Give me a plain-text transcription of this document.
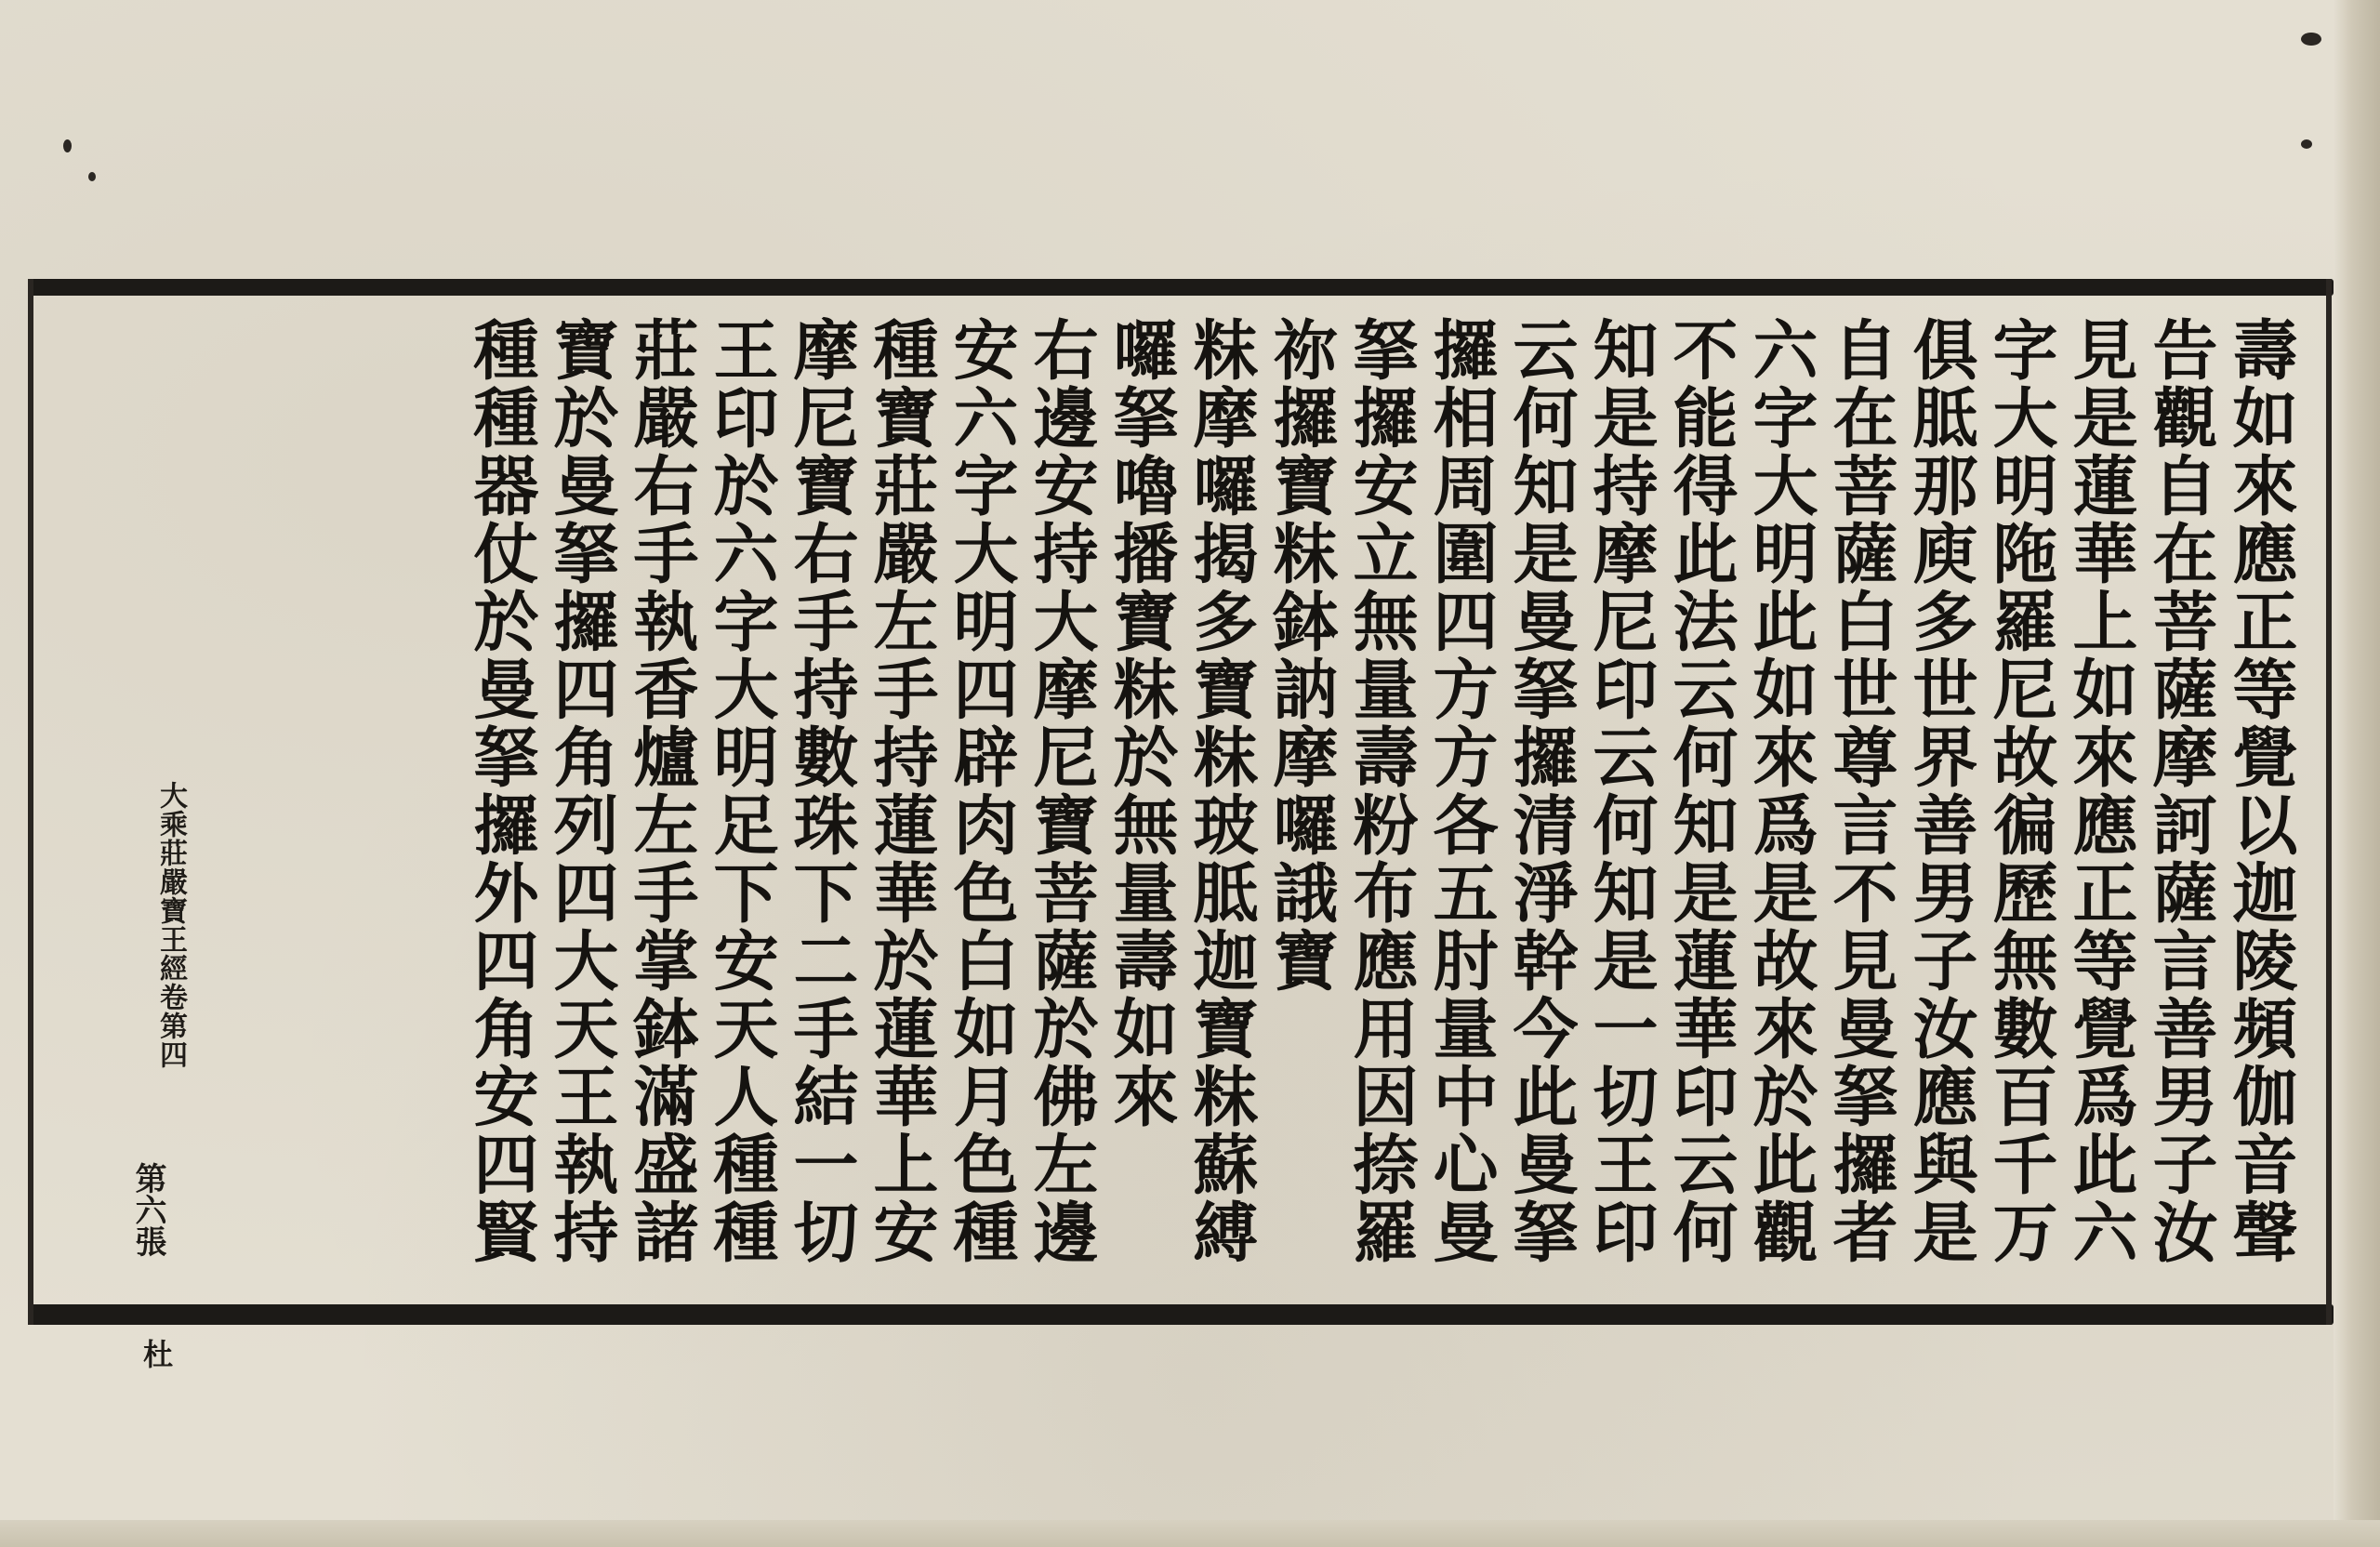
壽如來應正等覺以迦陵頻伽音聲
告觀自在菩薩摩訶薩言善男子汝
見是蓮華上如來應正等覺爲此六
字大明陁羅尼故徧歷無數百千万
俱胝那庾多世界善男子汝應與是
自在菩薩白世尊言不見曼拏攞者
六字大明此如來爲是故來於此觀
不能得此法云何知是蓮華印云何
知是持摩尼印云何知是一切王印
云何知是曼拏攞清淨幹今此曼拏
攞相周圍四方方各五肘量中心曼
拏攞安立無量壽粉布應用因捺羅
祢攞寶粖鉢訥摩囉誐寶
粖摩囉揭多寶粖玻胝迦寶粖蘇縛
囉拏嚕播寶粖於無量壽如來
右邊安持大摩尼寶菩薩於佛左邊
安六字大明四辟肉色白如月色種
種寶莊嚴左手持蓮華於蓮華上安
摩尼寶右手持數珠下二手結一切
王印於六字大明足下安天人種種
莊嚴右手執香爐左手掌鉢滿盛諸
寶於曼拏攞四角列四大天王執持
種種器仗於曼拏攞外四角安四賢
大乘莊嚴寶王經卷第四
第六張
杜
